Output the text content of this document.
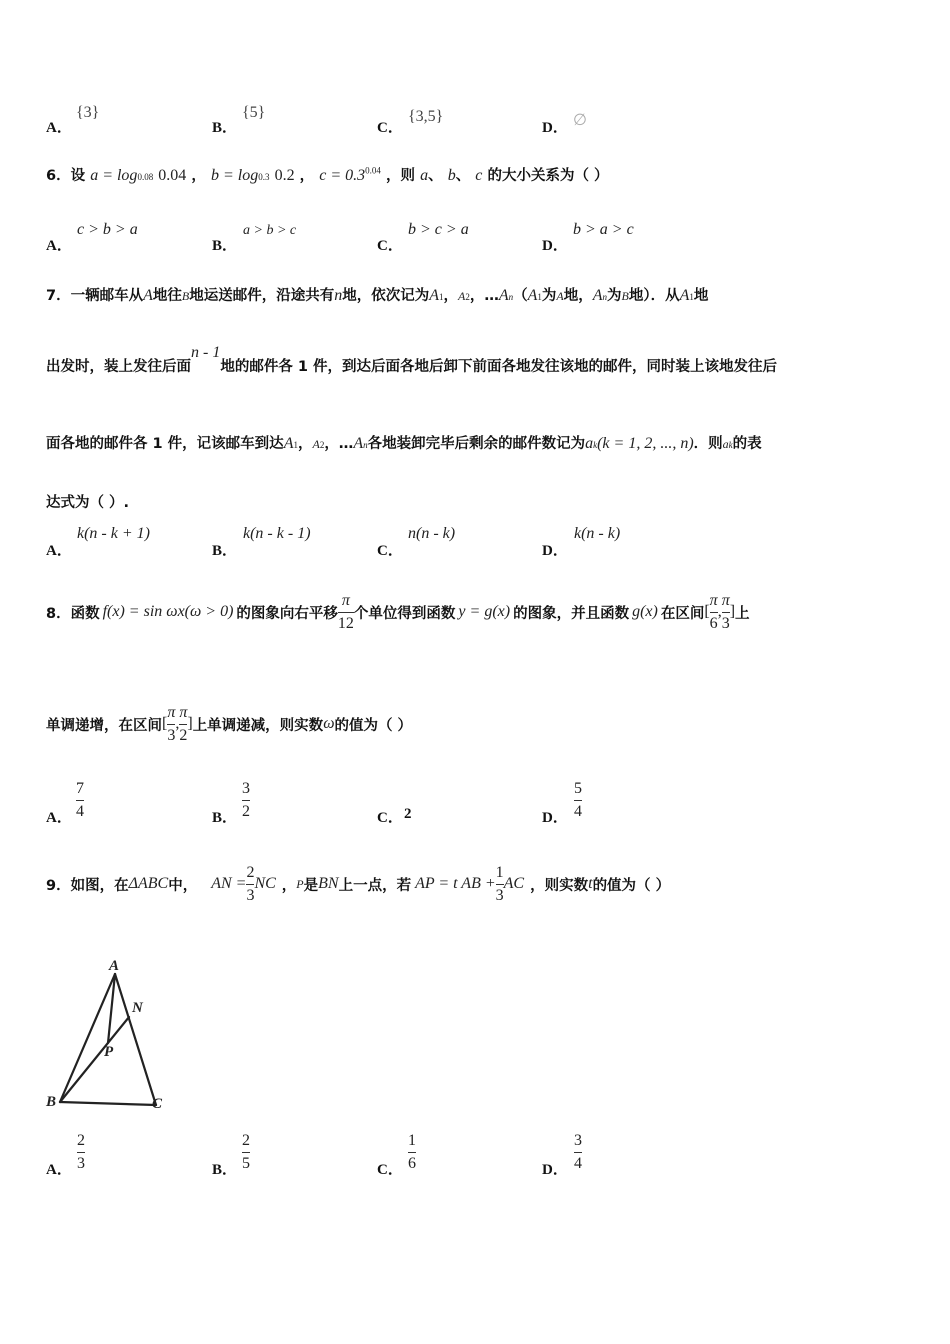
A．
{3}
B．
{5}
C．
{3,5}
D． ∅
6．设 a = log0.08 0.04 ， b = log0.3 0.2 ， $c = 0.3^{0.04}$ ，则 a、 b、 c 的大小关系为（ ）
A．
c > b > a
B．
a > b > c
C．
b > c > a
D．
b > a > c
7．一辆邮车从A地往B地运送邮件，沿途共有n地，依次记为A1，A2，…An（A1为A地，An为B地）．从A1地
出发时，装上发往后面n - 1地的邮件各 1 件，到达后面各地后卸下前面各地发往该地的邮件，同时装上该地发往后
面各地的邮件各 1 件，记该邮车到达A1，A2，…An各地装卸完毕后剩余的邮件数记为ak(k = 1, 2, ..., n)．则ak的表
达式为（ ）.
A．
k(n - k + 1)
B．
k(n - k - 1)
C．
n(n - k)
D．
k(n - k)
8．函数 f(x) = sin ωx(ω > 0) 的图象向右平移 $\frac{\pi}{12}$ 个单位得到函数 y = g(x) 的图象，并且函数 g(x) 在区间 [ $\frac{\pi}{6}$ , $\frac{\pi}{3}$ ] 上
单调递增，在区间 [ $\frac{\pi}{3}$ , $\frac{\pi}{2}$ ] 上单调递减，则实数 ω 的值为（ ）
A．
7
4	B．
3
2	C． 2	D．
5
4
9．如图，在 ΔABC 中， AN = $\frac{2}{3}$ NC ， P 是 BN 上一点，若 AP = t AB + $\frac{1}{3}$ AC ，则实数 t 的值为（ ）
A
N
P
B	C
A．
2
3	B．
2
5	C．
1
6	D．
3
4
